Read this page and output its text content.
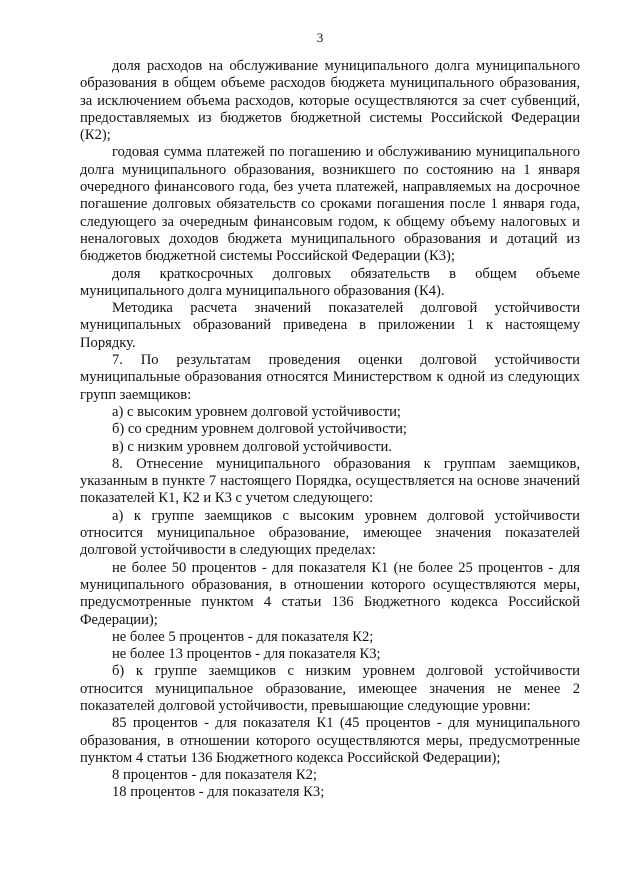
3

доля расходов на обслуживание муниципального долга муниципального образования в общем объеме расходов бюджета муниципального образования, за исключением объема расходов, которые осуществляются за счет субвенций, предоставляемых из бюджетов бюджетной системы Российской Федерации (К2);

годовая сумма платежей по погашению и обслуживанию муниципального долга муниципального образования, возникшего по состоянию на 1 января очередного финансового года, без учета платежей, направляемых на досрочное погашение долговых обязательств со сроками погашения после 1 января года, следующего за очередным финансовым годом, к общему объему налоговых и неналоговых доходов бюджета муниципального образования и дотаций из бюджетов бюджетной системы Российской Федерации (К3);

доля краткосрочных долговых обязательств в общем объеме муниципального долга муниципального образования (К4).

Методика расчета значений показателей долговой устойчивости муниципальных образований приведена в приложении 1 к настоящему Порядку.

7. По результатам проведения оценки долговой устойчивости муниципальные образования относятся Министерством к одной из следующих групп заемщиков:

а) с высоким уровнем долговой устойчивости;

б) со средним уровнем долговой устойчивости;

в) с низким уровнем долговой устойчивости.

8. Отнесение муниципального образования к группам заемщиков, указанным в пункте 7 настоящего Порядка, осуществляется на основе значений показателей К1, К2 и К3 с учетом следующего:

а) к группе заемщиков с высоким уровнем долговой устойчивости относится муниципальное образование, имеющее значения показателей долговой устойчивости в следующих пределах:

не более 50 процентов - для показателя К1 (не более 25 процентов - для муниципального образования, в отношении которого осуществляются меры, предусмотренные пунктом 4 статьи 136 Бюджетного кодекса Российской Федерации);

не более 5 процентов - для показателя К2;

не более 13 процентов - для показателя К3;

б) к группе заемщиков с низким уровнем долговой устойчивости относится муниципальное образование, имеющее значения не менее 2 показателей долговой устойчивости, превышающие следующие уровни:

85 процентов - для показателя К1 (45 процентов - для муниципального образования, в отношении которого осуществляются меры, предусмотренные пунктом 4 статьи 136 Бюджетного кодекса Российской Федерации);

8 процентов - для показателя К2;

18 процентов - для показателя К3;
